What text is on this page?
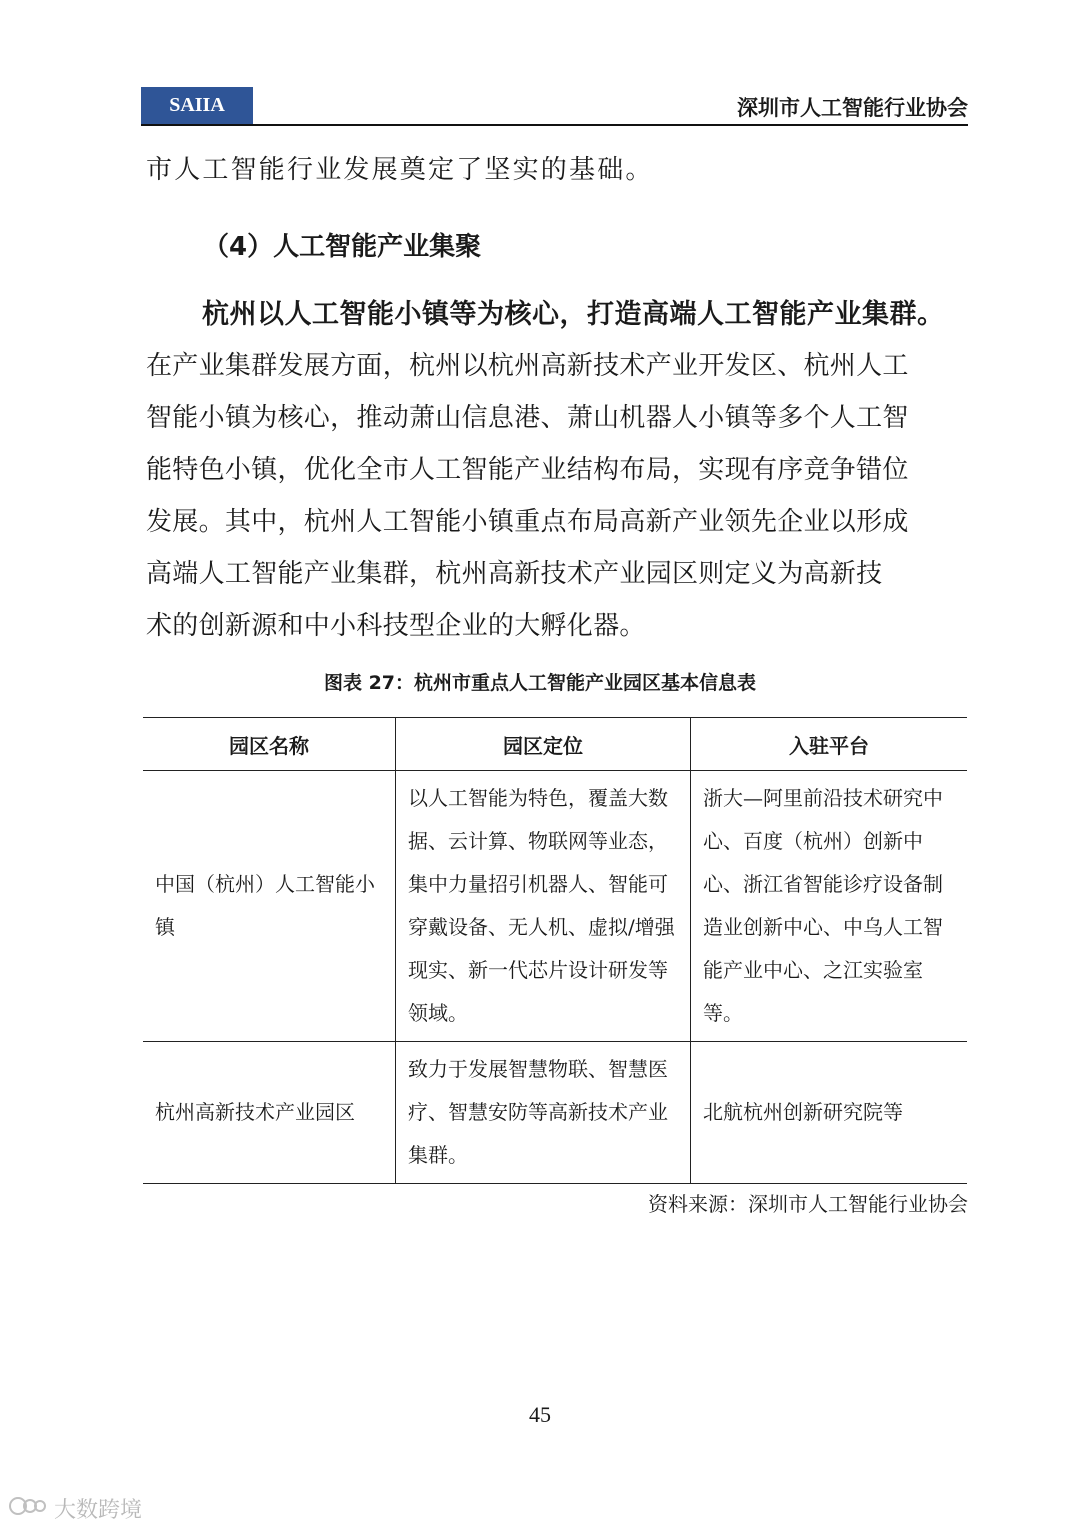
SAIIA	深圳市人工智能行业协会
市人工智能行业发展奠定了坚实的基础。
（4）人工智能产业集聚
杭州以人工智能小镇等为核心，打造高端人工智能产业集群。
在产业集群发展方面，杭州以杭州高新技术产业开发区、杭州人工
智能小镇为核心，推动萧山信息港、萧山机器人小镇等多个人工智
能特色小镇，优化全市人工智能产业结构布局，实现有序竞争错位
发展。其中，杭州人工智能小镇重点布局高新产业领先企业以形成
高端人工智能产业集群，杭州高新技术产业园区则定义为高新技
术的创新源和中小科技型企业的大孵化器。
图表 27：杭州市重点人工智能产业园区基本信息表
园区名称	园区定位	入驻平台
中国（杭州）人工智能小镇	以人工智能为特色，覆盖大数据、云计算、物联网等业态，集中力量招引机器人、智能可穿戴设备、无人机、虚拟/增强现实、新一代芯片设计研发等领域。	浙大—阿里前沿技术研究中心、百度（杭州）创新中心、浙江省智能诊疗设备制造业创新中心、中乌人工智能产业中心、之江实验室等。
杭州高新技术产业园区	致力于发展智慧物联、智慧医疗、智慧安防等高新技术产业集群。	北航杭州创新研究院等
资料来源：深圳市人工智能行业协会
45
大数跨境
